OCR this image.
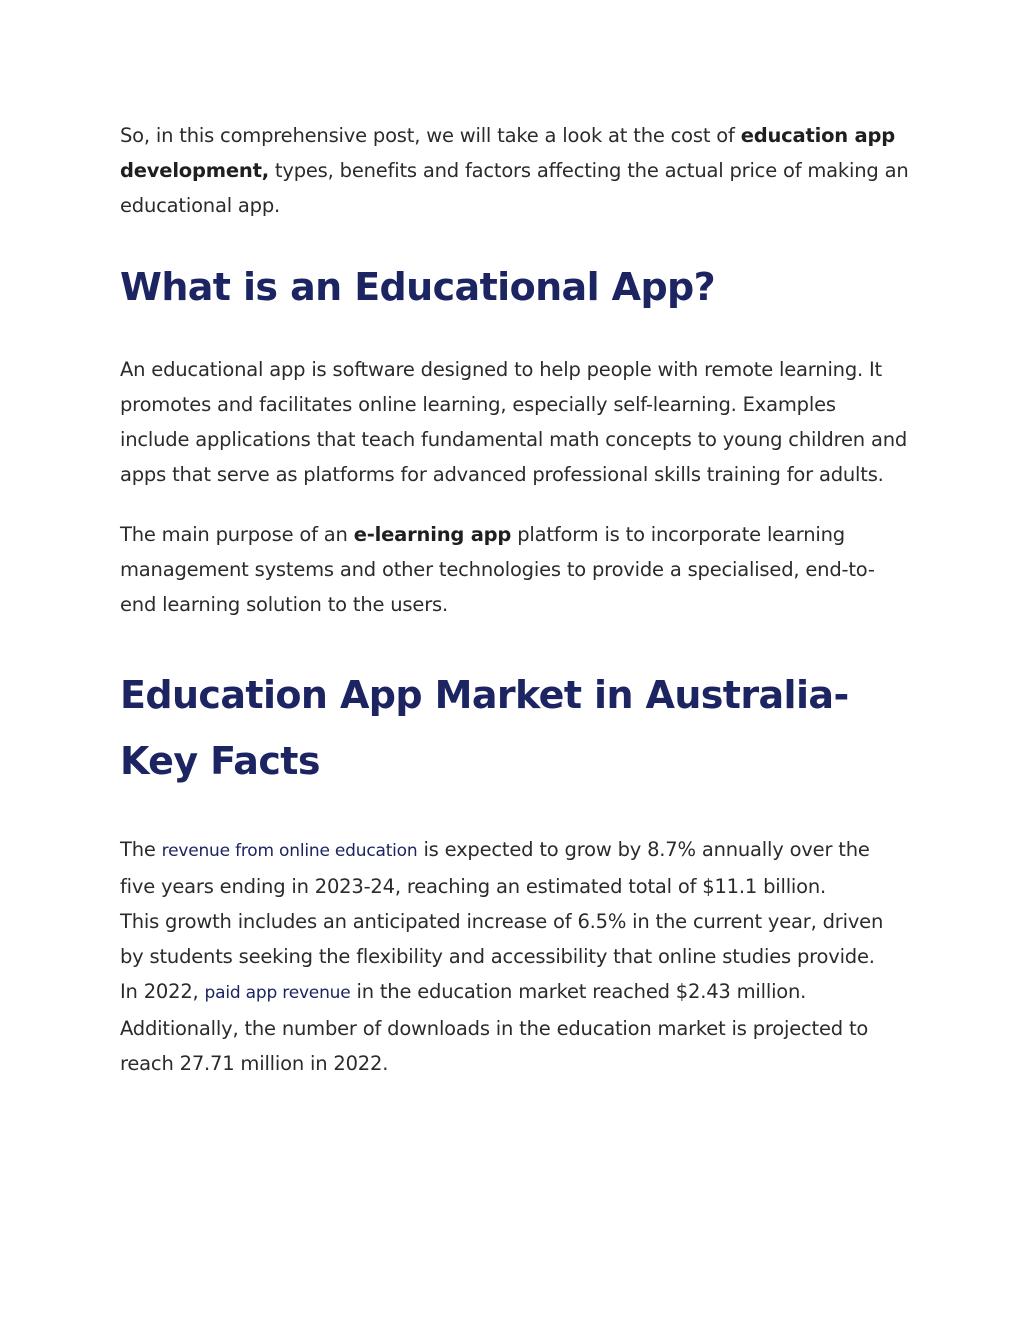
So, in this comprehensive post, we will take a look at the cost of education app development, types, benefits and factors affecting the actual price of making an educational app.

What is an Educational App?

An educational app is software designed to help people with remote learning. It promotes and facilitates online learning, especially self-learning. Examples include applications that teach fundamental math concepts to young children and apps that serve as platforms for advanced professional skills training for adults.

The main purpose of an e-learning app platform is to incorporate learning management systems and other technologies to provide a specialised, end-to-end learning solution to the users.

Education App Market in Australia- Key Facts

The revenue from online education is expected to grow by 8.7% annually over the five years ending in 2023-24, reaching an estimated total of $11.1 billion.

This growth includes an anticipated increase of 6.5% in the current year, driven by students seeking the flexibility and accessibility that online studies provide.

In 2022, paid app revenue in the education market reached $2.43 million.

Additionally, the number of downloads in the education market is projected to reach 27.71 million in 2022.
